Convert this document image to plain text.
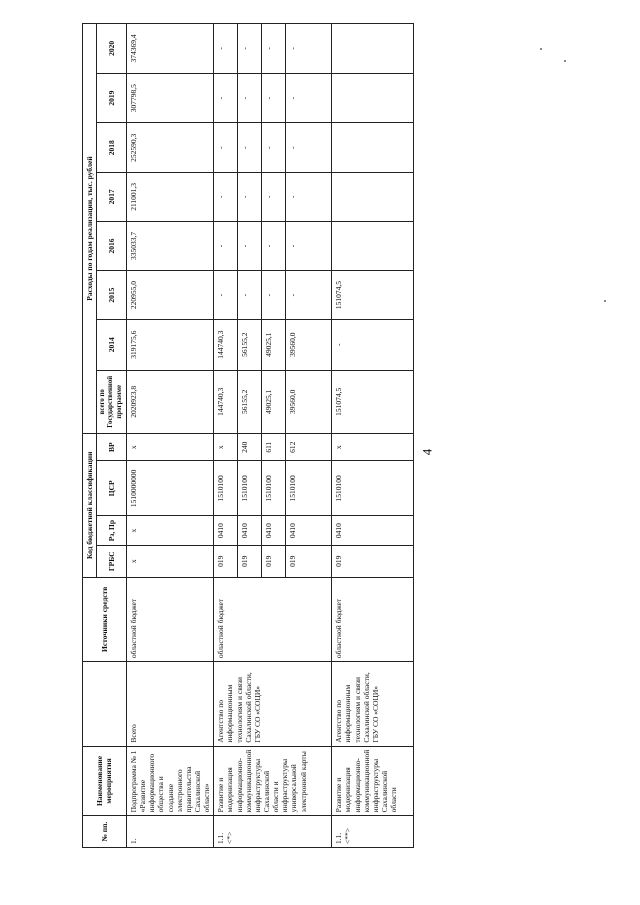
4
№ пп.	Наименование мероприятия		Источники средств	Код бюджетной классификации				Расходы по годам реализации, тыс. рублей							
				ГРБС	Рз, Пр	ЦСР	ВР	всего по Государственной программе	2014	2015	2016	2017	2018	2019	2020
1.	Подпрограмма № 1 «Развитие информационного общества и создание электронного правительства Сахалинской области»	Всего	областной бюджет	х	х	1510000000	х	2020923,8	319175,6	220955,0	335033,7	211001,3	252590,3	307798,5	374369,4
1.1. <*>	Развитие и модернизация информационно-коммуникационной инфраструктуры Сахалинской области и инфраструктуры универсальной электронной карты	Агентство по информационным технологиям и связи Сахалинской области, ГБУ СО «СОЦИ»	областной бюджет	019	0410	1510100	х	144740,3	144740,3	-	-	-	-	-	-
				019	0410	1510100	240	56155,2	56155,2	-	-	-	-	-	-
				019	0410	1510100	611	49025,1	49025,1	-	-	-	-	-	-
				019	0410	1510100	612	39560,0	39560,0	-	-	-	-	-	-
1.1. <**>	Развитие и модернизация информационно-коммуникационной инфраструктуры Сахалинской области	Агентство по информационным технологиям и связи Сахалинской области, ГБУ СО «СОЦИ»	областной бюджет	019	0410	1510100	х	151074,5	-	151074,5					
